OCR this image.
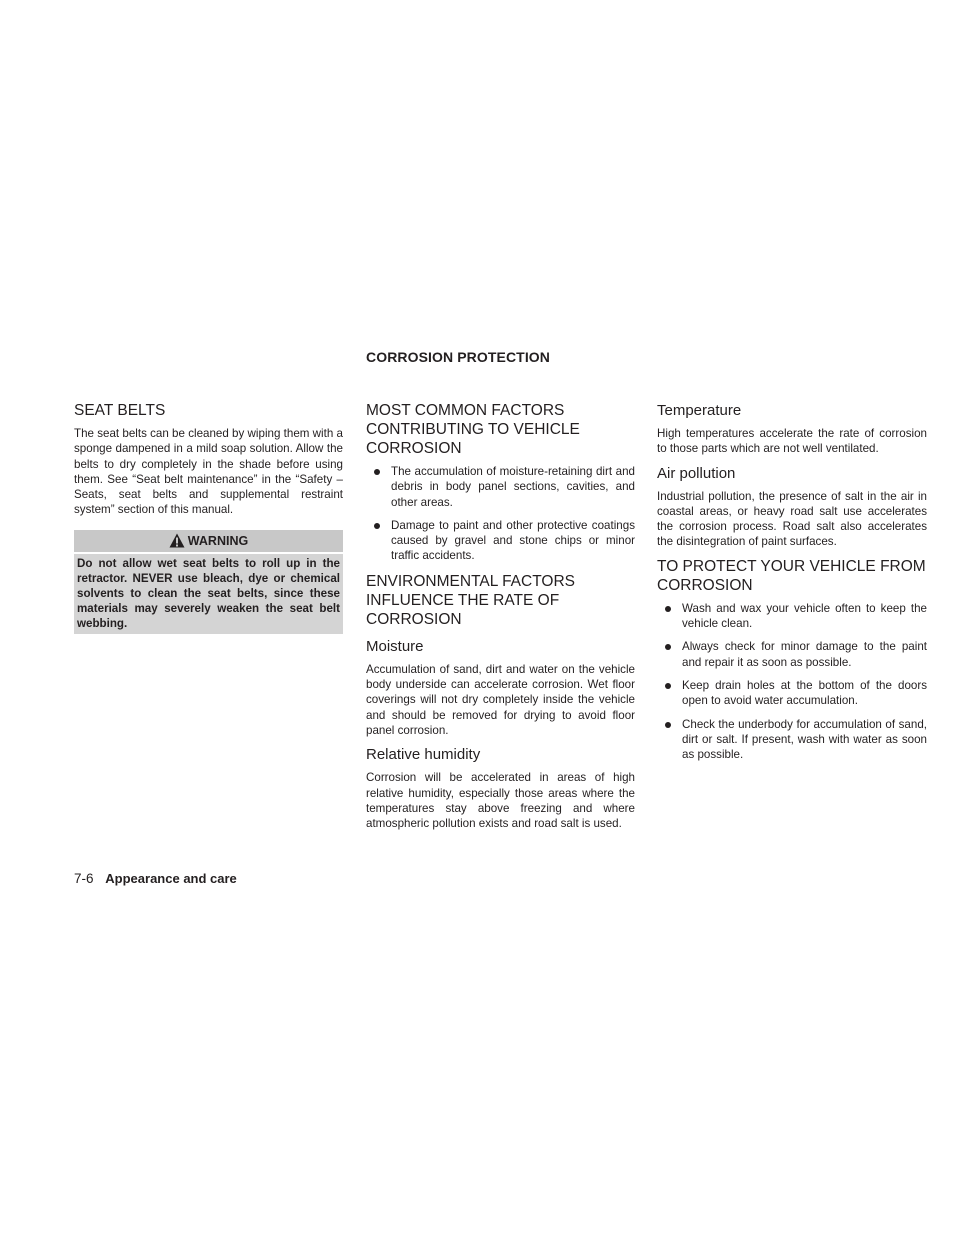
CORROSION PROTECTION
SEAT BELTS

The seat belts can be cleaned by wiping them with a sponge dampened in a mild soap solution. Allow the belts to dry completely in the shade before using them. See “Seat belt maintenance” in the “Safety – Seats, seat belts and supplemental restraint system” section of this manual.

WARNING
Do not allow wet seat belts to roll up in the retractor. NEVER use bleach, dye or chemical solvents to clean the seat belts, since these materials may severely weaken the seat belt webbing.
MOST COMMON FACTORS CONTRIBUTING TO VEHICLE CORROSION
The accumulation of moisture-retaining dirt and debris in body panel sections, cavities, and other areas.
Damage to paint and other protective coatings caused by gravel and stone chips or minor traffic accidents.
ENVIRONMENTAL FACTORS INFLUENCE THE RATE OF CORROSION
Moisture

Accumulation of sand, dirt and water on the vehicle body underside can accelerate corrosion. Wet floor coverings will not dry completely inside the vehicle and should be removed for drying to avoid floor panel corrosion.

Relative humidity

Corrosion will be accelerated in areas of high relative humidity, especially those areas where the temperatures stay above freezing and where atmospheric pollution exists and road salt is used.

Temperature

High temperatures accelerate the rate of corrosion to those parts which are not well ventilated.

Air pollution

Industrial pollution, the presence of salt in the air in coastal areas, or heavy road salt use accelerates the corrosion process. Road salt also accelerates the disintegration of paint surfaces.

TO PROTECT YOUR VEHICLE FROM CORROSION
Wash and wax your vehicle often to keep the vehicle clean.
Always check for minor damage to the paint and repair it as soon as possible.
Keep drain holes at the bottom of the doors open to avoid water accumulation.
Check the underbody for accumulation of sand, dirt or salt. If present, wash with water as soon as possible.
7-6 Appearance and care
